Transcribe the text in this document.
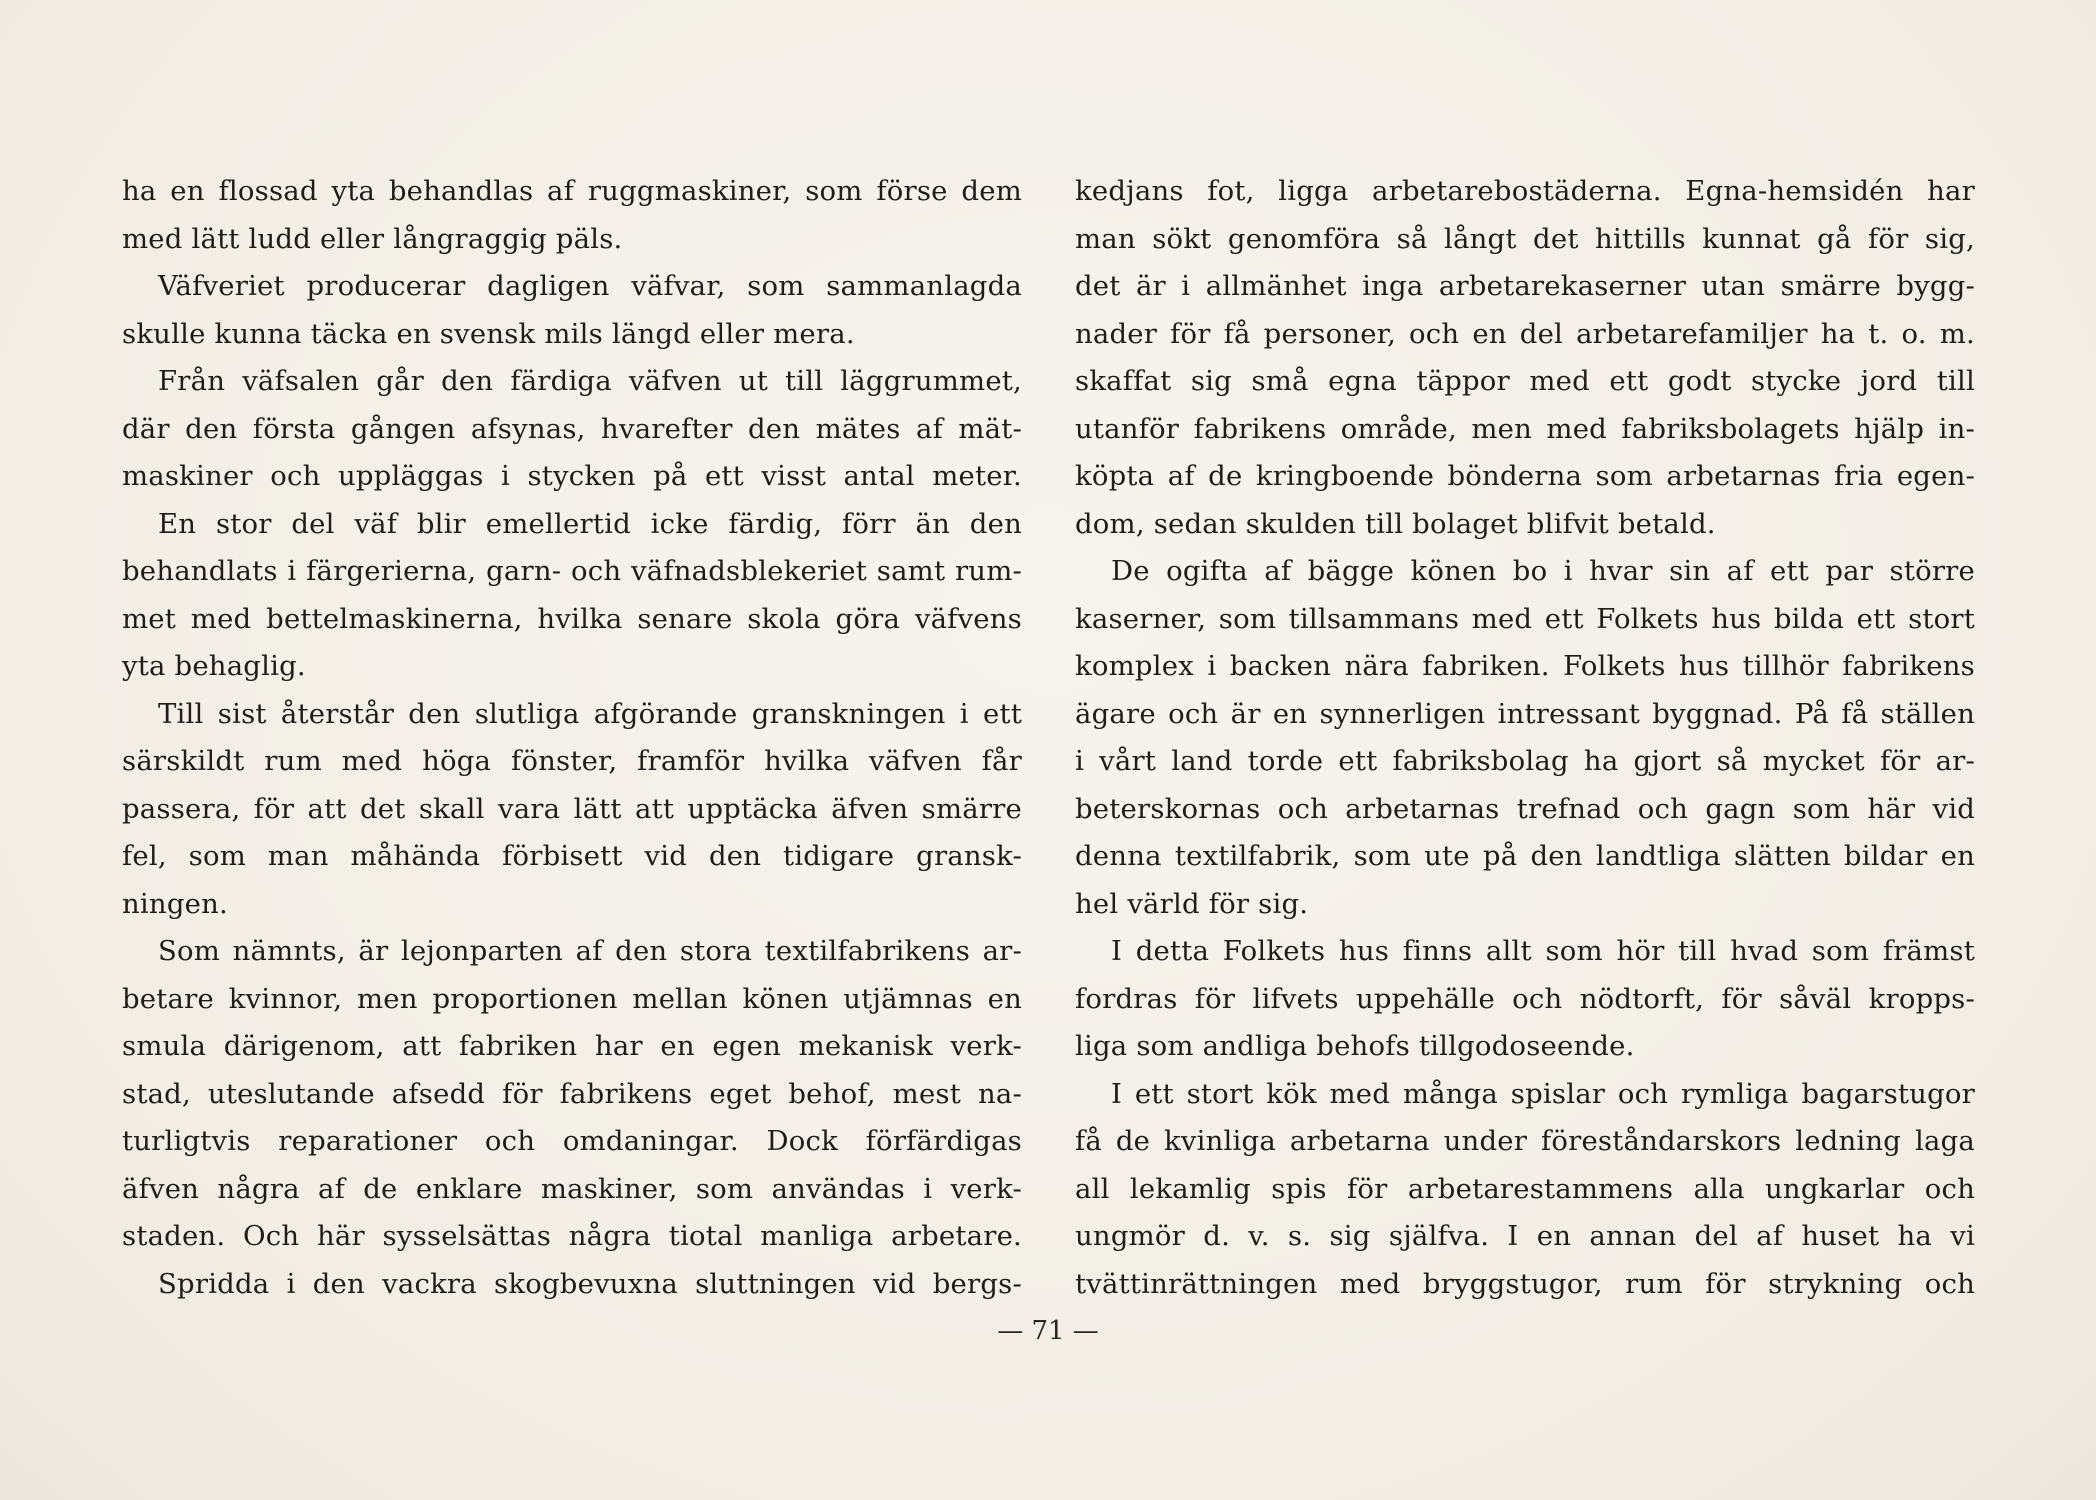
ha en flossad yta behandlas af ruggmaskiner, som förse dem
med lätt ludd eller långraggig päls.
Väfveriet producerar dagligen väfvar, som sammanlagda
skulle kunna täcka en svensk mils längd eller mera.
Från väfsalen går den färdiga väfven ut till läggrummet,
där den första gången afsynas, hvarefter den mätes af mät-
maskiner och uppläggas i stycken på ett visst antal meter.
En stor del väf blir emellertid icke färdig, förr än den
behandlats i färgerierna, garn- och väfnadsblekeriet samt rum-
met med bettelmaskinerna, hvilka senare skola göra väfvens
yta behaglig.
Till sist återstår den slutliga afgörande granskningen i ett
särskildt rum med höga fönster, framför hvilka väfven får
passera, för att det skall vara lätt att upptäcka äfven smärre
fel, som man måhända förbisett vid den tidigare gransk-
ningen.
Som nämnts, är lejonparten af den stora textilfabrikens ar-
betare kvinnor, men proportionen mellan könen utjämnas en
smula därigenom, att fabriken har en egen mekanisk verk-
stad, uteslutande afsedd för fabrikens eget behof, mest na-
turligtvis reparationer och omdaningar. Dock förfärdigas
äfven några af de enklare maskiner, som användas i verk-
staden. Och här sysselsättas några tiotal manliga arbetare.
Spridda i den vackra skogbevuxna sluttningen vid bergs-
kedjans fot, ligga arbetarebostäderna. Egna-hemsidén har
man sökt genomföra så långt det hittills kunnat gå för sig,
det är i allmänhet inga arbetarekaserner utan smärre bygg-
nader för få personer, och en del arbetarefamiljer ha t. o. m.
skaffat sig små egna täppor med ett godt stycke jord till
utanför fabrikens område, men med fabriksbolagets hjälp in-
köpta af de kringboende bönderna som arbetarnas fria egen-
dom, sedan skulden till bolaget blifvit betald.
De ogifta af bägge könen bo i hvar sin af ett par större
kaserner, som tillsammans med ett Folkets hus bilda ett stort
komplex i backen nära fabriken. Folkets hus tillhör fabrikens
ägare och är en synnerligen intressant byggnad. På få ställen
i vårt land torde ett fabriksbolag ha gjort så mycket för ar-
beterskornas och arbetarnas trefnad och gagn som här vid
denna textilfabrik, som ute på den landtliga slätten bildar en
hel värld för sig.
I detta Folkets hus finns allt som hör till hvad som främst
fordras för lifvets uppehälle och nödtorft, för såväl kropps-
liga som andliga behofs tillgodoseende.
I ett stort kök med många spislar och rymliga bagarstugor
få de kvinliga arbetarna under föreståndarskors ledning laga
all lekamlig spis för arbetarestammens alla ungkarlar och
ungmör d. v. s. sig själfva. I en annan del af huset ha vi
tvättinrättningen med bryggstugor, rum för strykning och
— 71 —
